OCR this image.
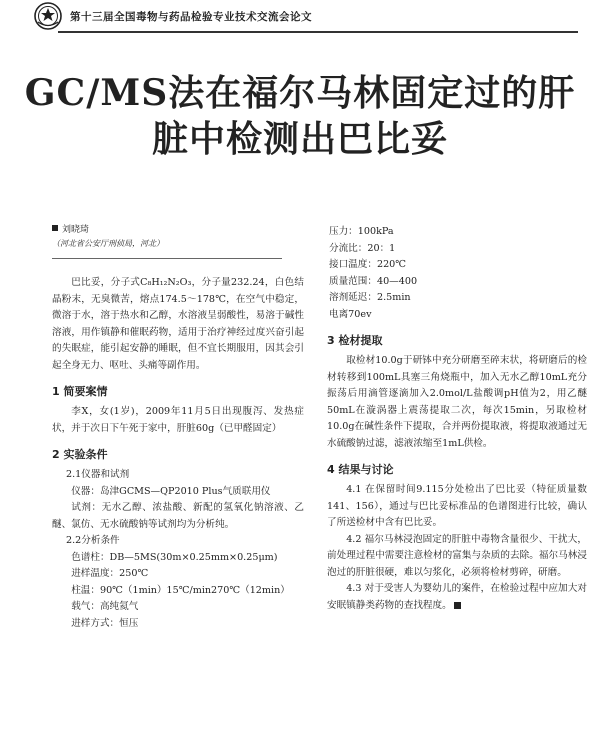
第十三届全国毒物与药品检验专业技术交流会论文
GC/MS法在福尔马林固定过的肝
脏中检测出巴比妥
刘晓琦
（河北省公安厅刑侦局，河北）

巴比妥，分子式C₈H₁₂N₂O₃，分子量232.24，白色结晶粉末，无臭微苦，熔点174.5～178℃，在空气中稳定，微溶于水，溶于热水和乙醇，水溶液呈弱酸性，易溶于碱性溶液，用作镇静和催眠药物，适用于治疗神经过度兴奋引起的失眠症，能引起安静的睡眠，但不宜长期服用，因其会引起全身无力、呕吐、头痛等副作用。

1 简要案情

李X，女(1岁)，2009年11月5日出现腹泻、发热症状，并于次日下午死于家中，肝脏60g（已甲醛固定）

2 实验条件

2.1仪器和试剂

仪器：岛津GCMS—QP2010 Plus气质联用仪

试剂：无水乙醇、浓盐酸、新配的氢氧化钠溶液、乙醚、氯仿、无水硫酸钠等试剂均为分析纯。

2.2分析条件

色谱柱：DB—5MS(30m×0.25mm×0.25μm)

进样温度：250℃

柱温：90℃（1min）15℃/min270℃（12min）

载气：高纯氦气

进样方式：恒压

压力：100kPa

分流比：20：1

接口温度：220℃

质量范围：40—400

溶剂延迟：2.5min

电离70ev

3 检材提取

取检材10.0g于研钵中充分研磨至碎末状，将研磨后的检材转移到100mL具塞三角烧瓶中，加入无水乙醇10mL充分振荡后用滴管逐滴加入2.0mol/L盐酸调pH值为2，用乙醚50mL在漩涡器上震荡提取二次，每次15min，另取检材10.0g在碱性条件下提取，合并两份提取液，将提取液通过无水硫酸钠过滤，滤液浓缩至1mL供检。

4 结果与讨论

4.1 在保留时间9.115分处检出了巴比妥（特征质量数141、156），通过与巴比妥标准品的色谱图进行比较，确认了所送检材中含有巴比妥。

4.2 福尔马林浸泡固定的肝脏中毒物含量很少、干扰大，前处理过程中需要注意检材的富集与杂质的去除。福尔马林浸泡过的肝脏很硬，难以匀浆化，必须将检材剪碎，研磨。

4.3 对于受害人为婴幼儿的案件，在检验过程中应加大对安眠镇静类药物的查找程度。
